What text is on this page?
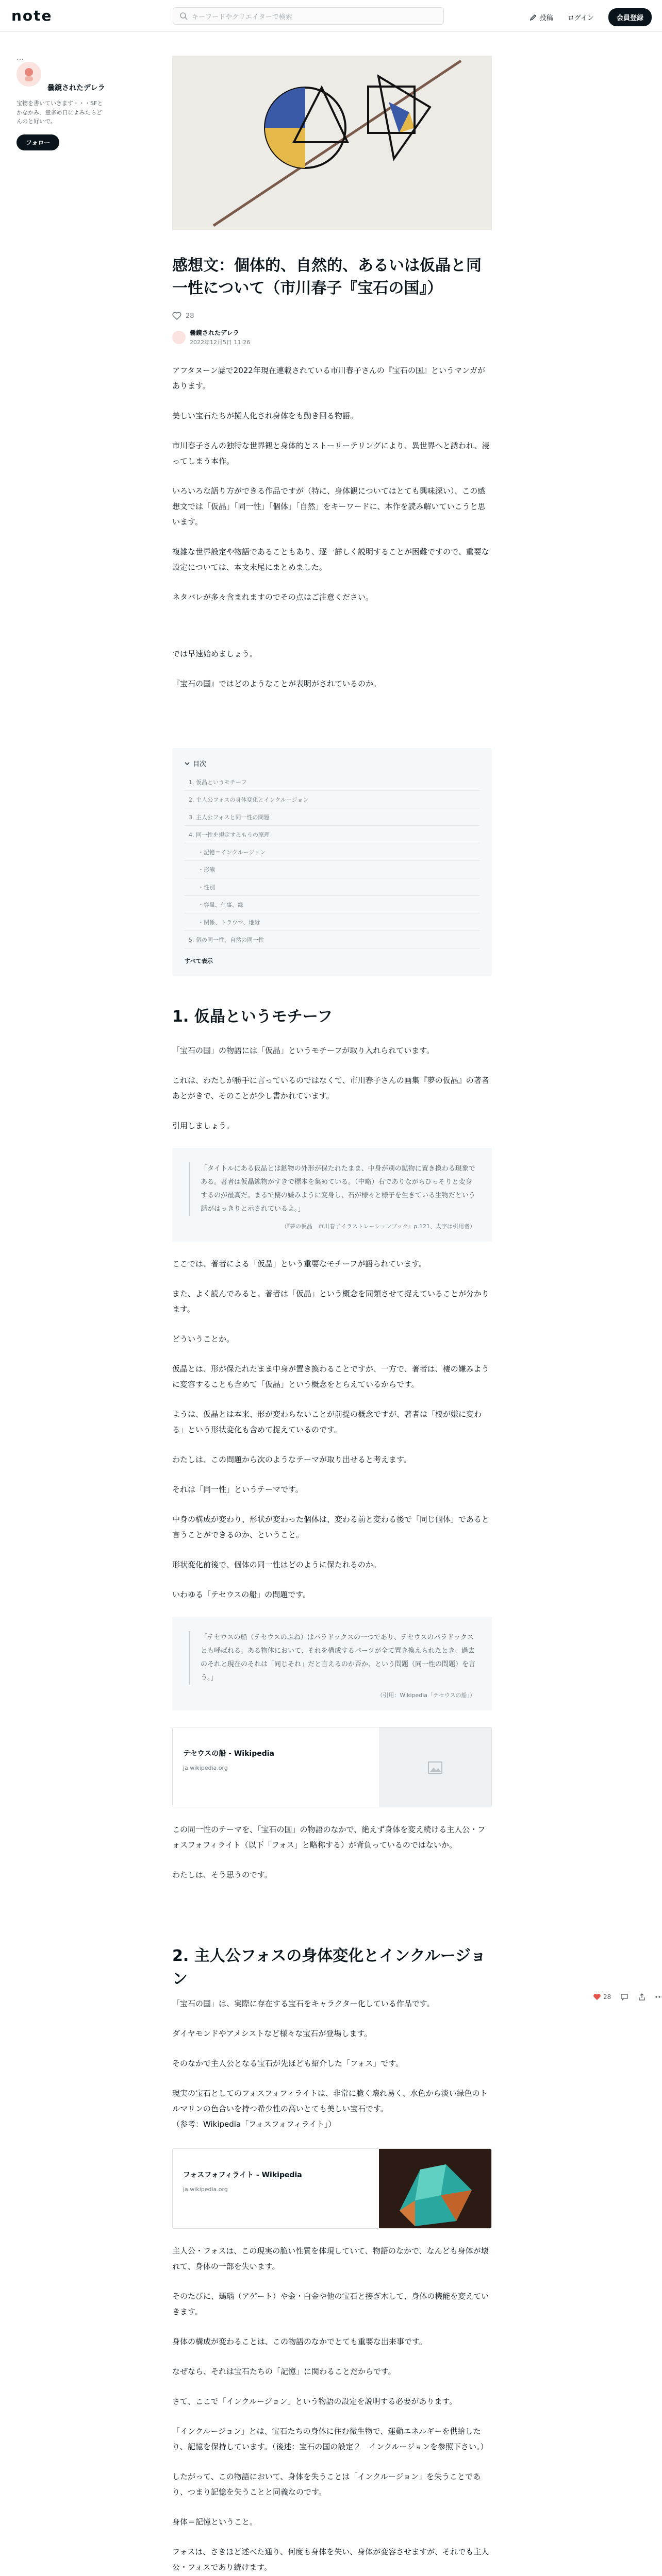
note	キーワードやクリエイターで検索	投稿 ログイン	会員登録
…
曇鏡されたデレラ
宝物を書いていきます・・・SFとかなかみ、童多め日によみたらどんのと好いで。
フォロー
感想文：個体的、自然的、あるいは仮晶と同一性について（市川春子『宝石の国』）
28
曇鏡されたデレラ
2022年12月5日 11:26

アフタヌーン誌で2022年現在連載されている市川春子さんの『宝石の国』というマンガがあります。

美しい宝石たちが擬人化され身体をも動き回る物語。

市川春子さんの独特な世界観と身体的とストーリーテリングにより、異世界へと誘われ、浸ってしまう本作。

いろいろな語り方ができる作品ですが（特に、身体観についてはとても興味深い）、この感想文では「仮晶」「同一性」「個体」「自然」をキーワードに、本作を読み解いていこうと思います。

複雑な世界設定や物語であることもあり、逐一詳しく説明することが困難ですので、重要な設定については、本文末尾にまとめました。

ネタバレが多々含まれますのでその点はご注意ください。

では早速始めましょう。

『宝石の国』ではどのようなことが表明がされているのか。

目次
1. 仮晶というモチーフ
2. 主人公フォスの身体変化とインクルージョン
3. 主人公フォスと同一性の問題
4. 同一性を規定するもうの原理
・記憶＝インクルージョン
・形態
・性別
・容量、仕事、縁
・関係、トラウマ、地縁
5. 個の同一性、自然の同一性
すべて表示
1. 仮晶というモチーフ

「宝石の国」の物語には「仮晶」というモチーフが取り入れられています。

これは、わたしが勝手に言っているのではなくて、市川春子さんの画集『夢の仮晶』の著者あとがきで、そのことが少し書かれています。

引用しましょう。

「タイトルにある仮晶とは鉱物の外形が保たれたまま、中身が別の鉱物に置き換わる現象である。著者は仮晶鉱物がすきで標本を集めている。（中略）右でありながらひっそりと変身するのが最高だ。まるで棲の嫌みように変身し、石が様々と様子を生きている生物だという話がはっきりと示されているよ。」
（『夢の仮晶　市川春子イラストレーションブック』p.121、太字は引用者）

ここでは、著者による「仮晶」という重要なモチーフが語られています。

また、よく読んでみると、著者は「仮晶」という概念を同類させて捉えていることが分かります。

どういうことか。

仮晶とは、形が保たれたまま中身が置き換わることですが、一方で、著者は、棲の嫌みように変容することも含めて「仮晶」という概念をとらえているからです。

ようは、仮晶とは本来、形が変わらないことが前提の概念ですが、著者は「棲が嫌に変わる」という形状変化も含めて捉えているのです。

わたしは、この問題から次のようなテーマが取り出せると考えます。

それは「同一性」というテーマです。

中身の構成が変わり、形状が変わった個体は、変わる前と変わる後で「同じ個体」であると言うことができるのか、ということ。

形状変化前後で、個体の同一性はどのように保たれるのか。

いわゆる「テセウスの船」の問題です。

「テセウスの船（テセウスのふね）はパラドックスの一つであり、テセウスのパラドックスとも呼ばれる。ある物体において、それを構成するパーツが全て置き換えられたとき、過去のそれと現在のそれは「同じそれ」だと言えるのか否か、という問題（同一性の問題）を言う。」
（引用：Wikipedia「テセウスの船」）
テセウスの船 - Wikipedia
ja.wikipedia.org

この同一性のテーマを、「宝石の国」の物語のなかで、絶えず身体を変え続ける主人公・フォスフォフィライト（以下「フォス」と略称する）が背負っているのではないか。

わたしは、そう思うのです。

2. 主人公フォスの身体変化とインクルージョン

「宝石の国」は、実際に存在する宝石をキャラクター化している作品です。

ダイヤモンドやアメシストなど様々な宝石が登場します。

そのなかで主人公となる宝石が先ほども紹介した「フォス」です。

現実の宝石としてのフォスフォフィライトは、非常に脆く壊れ易く、水色から淡い緑色のトルマリンの色合いを持つ希少性の高いとても美しい宝石です。

（参考：Wikipedia「フォスフォフィライト」）

フォスフォフィライト - Wikipedia
ja.wikipedia.org

主人公・フォスは、この現実の脆い性質を体現していて、物語のなかで、なんども身体が壊れて、身体の一部を失います。

そのたびに、瑪瑙（アゲート）や金・白金や他の宝石と接ぎ木して、身体の機能を変えていきます。

身体の構成が変わることは、この物語のなかでとても重要な出来事です。

なぜなら、それは宝石たちの「記憶」に関わることだからです。

さて、ここで「インクルージョン」という物語の設定を説明する必要があります。

「インクルージョン」とは、宝石たちの身体に住む微生物で、運動エネルギーを供給したり、記憶を保持しています。（後述：宝石の国の設定２　インクルージョンを参照下さい。）

したがって、この物語において、身体を失うことは「インクルージョン」を失うことであり、つまり記憶を失うことと同義なのです。

身体＝記憶ということ。

フォスは、さきほど述べた通り、何度も身体を失い、身体が変容させますが、それでも主人公・フォスであり続けます。

28
